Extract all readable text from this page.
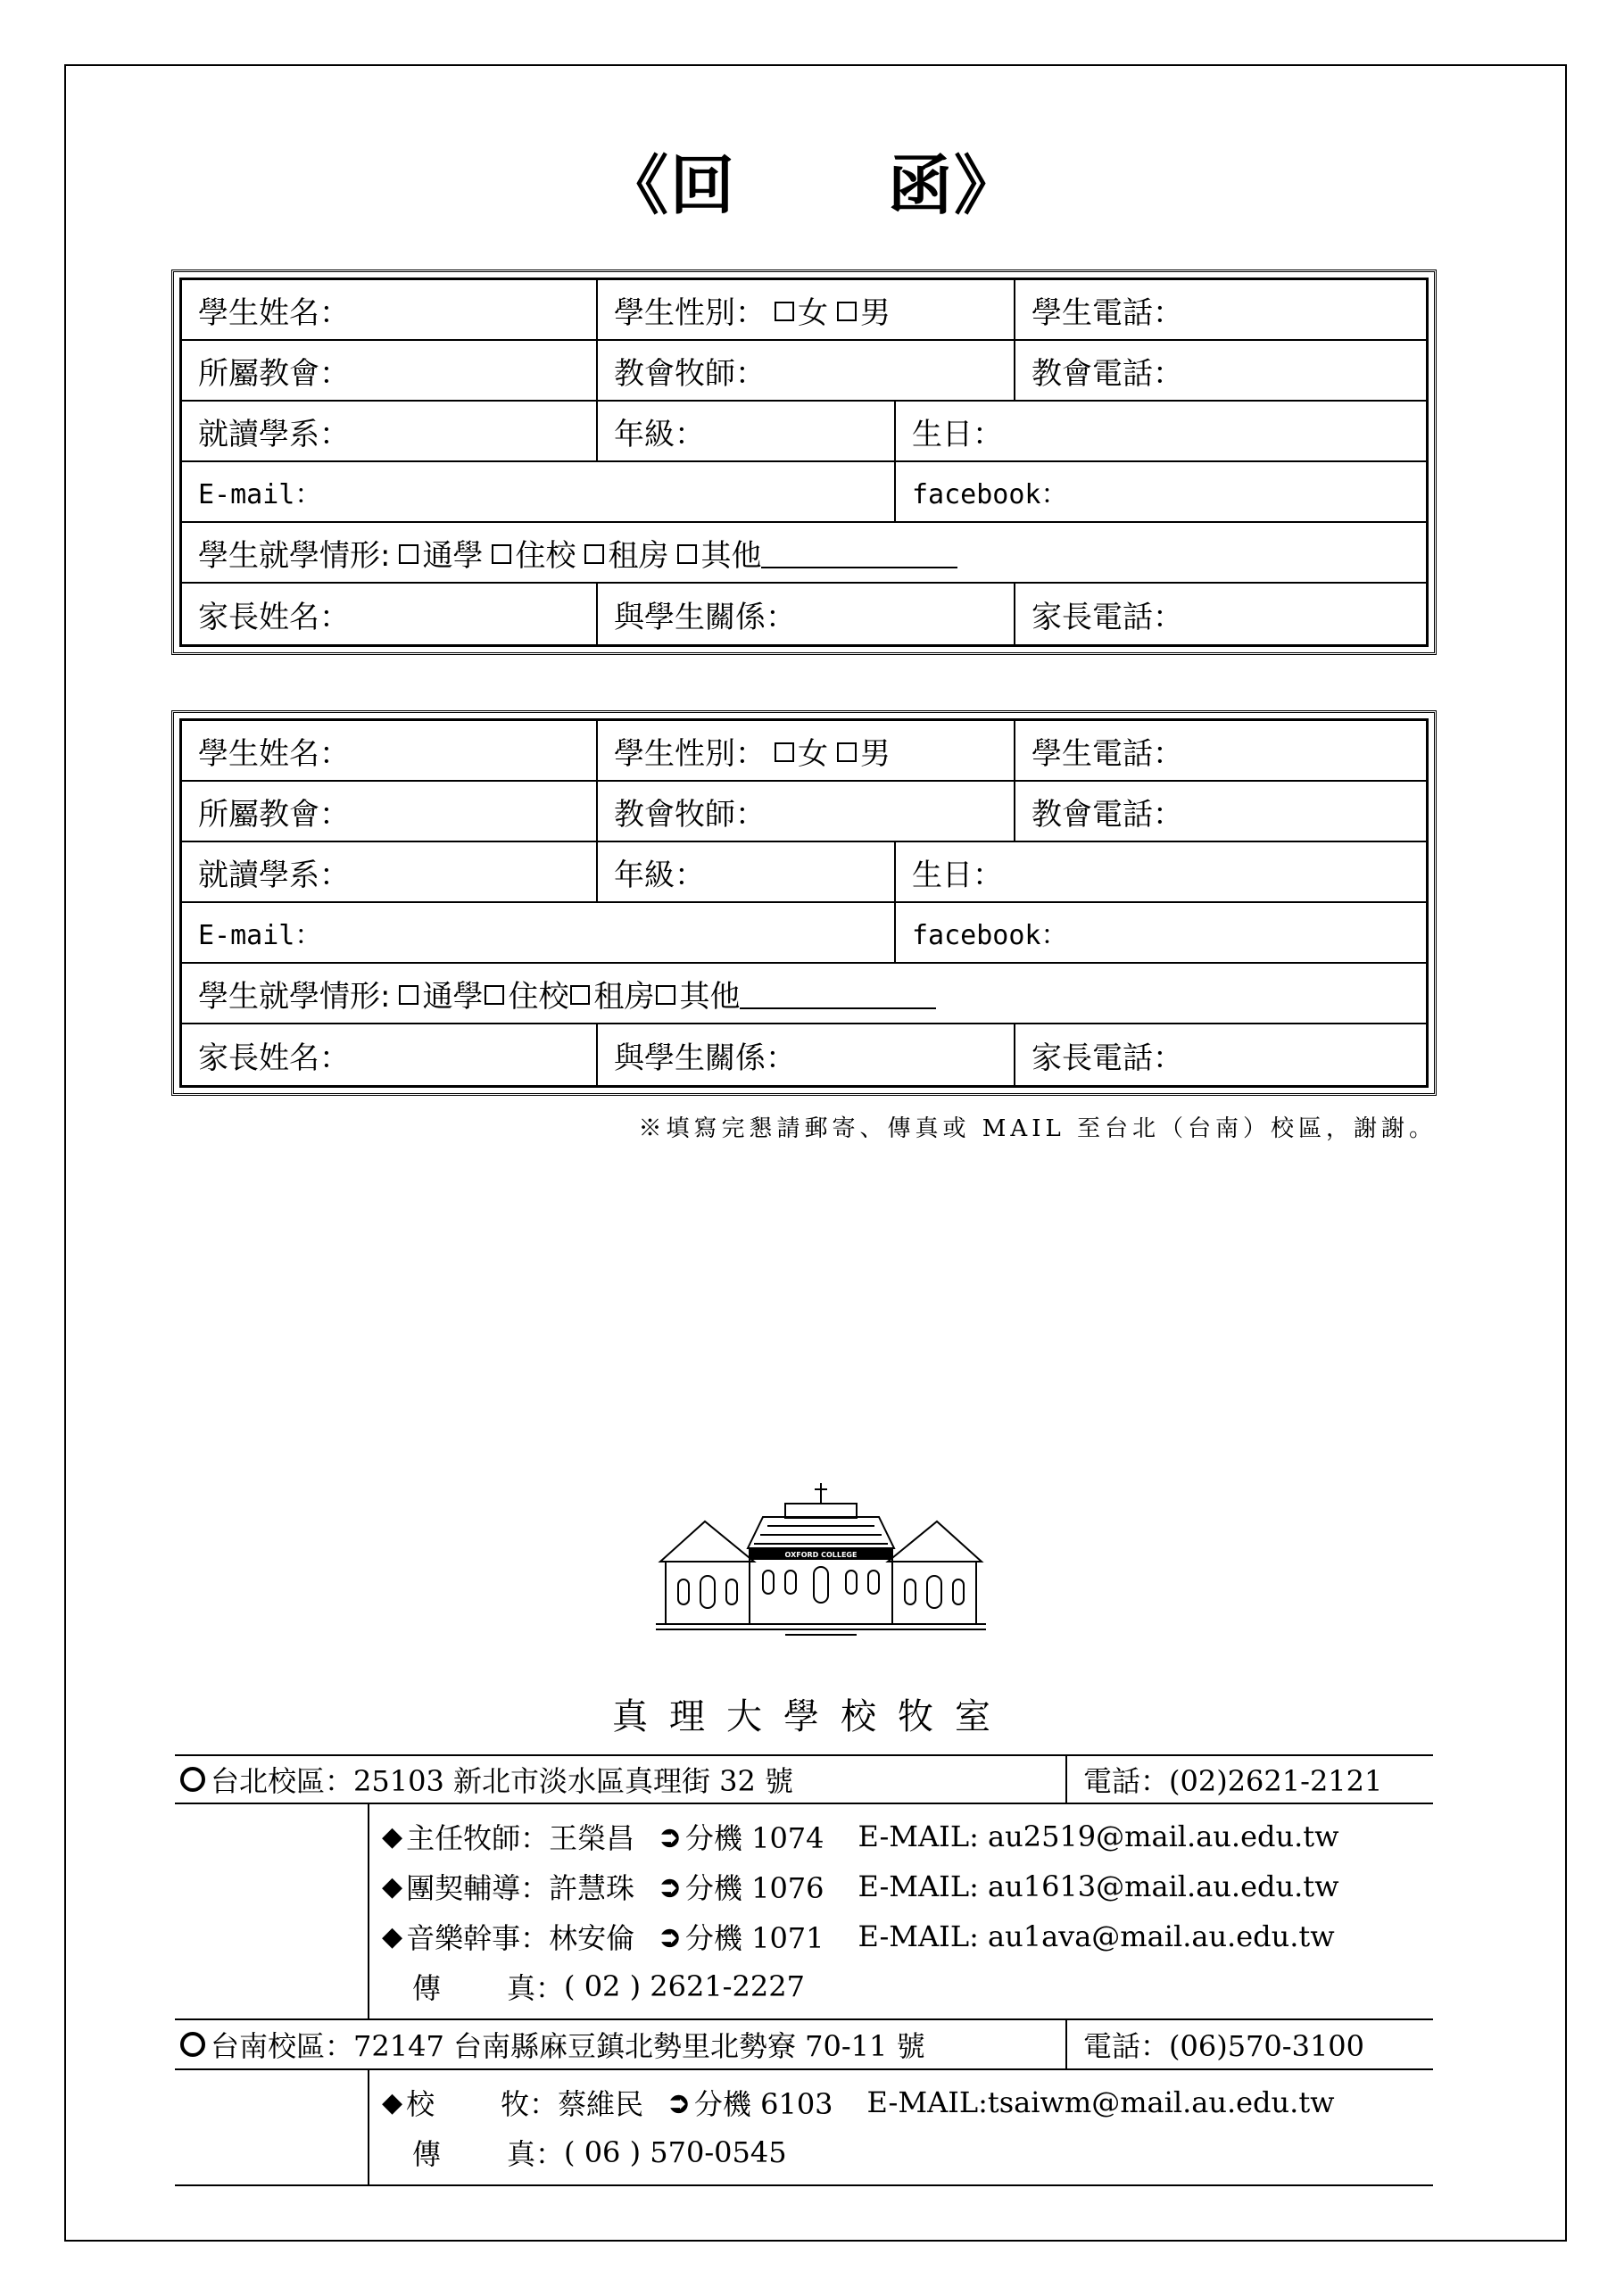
《回 函》
學生姓名：	學生性別： 女 男	學生電話：
所屬教會：	教會牧師：	教會電話：
就讀學系：	年級：	生日：
E-mail：	facebook：
學生就學情形: 通學 住校 租房 其他
家長姓名：	與學生關係：	家長電話：
學生姓名：	學生性別： 女 男	學生電話：
所屬教會：	教會牧師：	教會電話：
就讀學系：	年級：	生日：
E-mail：	facebook：
學生就學情形: 通學 住校 租房 其他
家長姓名：	與學生關係：	家長電話：
※填寫完懇請郵寄、傳真或 MAIL 至台北（台南）校區，謝謝。
OXFORD COLLEGE
真理大學校牧室
台北校區：25103 新北市淡水區真理街 32 號	電話：(02)2621-2121
◆ 主任牧師：王榮昌 ➲ 分機 1074 E-MAIL: au2519@mail.au.edu.tw
◆ 團契輔導：許慧珠 ➲ 分機 1076 E-MAIL: au1613@mail.au.edu.tw
◆ 音樂幹事：林安倫 ➲ 分機 1071 E-MAIL: au1ava@mail.au.edu.tw
傳 真： ( 02 ) 2621-2227
台南校區：72147 台南縣麻豆鎮北勢里北勢寮 70-11 號	電話：(06)570-3100
◆ 校 牧：蔡維民 ➲ 分機 6103 E-MAIL:tsaiwm@mail.au.edu.tw
傳 真： ( 06 ) 570-0545
